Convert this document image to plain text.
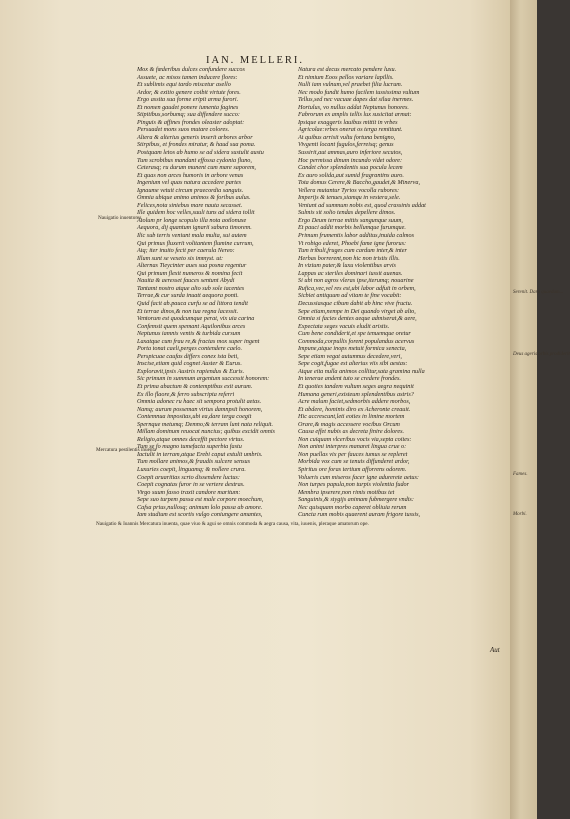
IAN. MELLERI.
Mox & fœderibus dulces confundere succos
Assuete, ac misos tamen inducere flores:
Et sublimis equi tardo miscetur asello
Ardor, & exitio genere coibit virtute fores.
Ergo assita sua forme eripit arma furori.
Et nomen gaudet ponere iumenta fagines
Stipitibus,sorbumq; sua diffendere succo:
Pinguis & affines frondes oleaster adoptat:
Persuadet mons suos mutare colores.
Altera & alterius generis inserit arbores arbor
Stirpibus, et frondes miratur, & haud sua poma.
Postquam letos ab humo se ad sidera sustulit austu
Tum scrobibus mandant effossa cydonia fluno,
Ceterasq; ru durum munent cum mare saporem,
Et quas non arces humoris in arbore venas
Ingenium vel quas natura accedere partes
Ignaume vetuit circum praecordia sanguis.
Omnia ubique animo animos & foribus aulus.
Felices,nota siniebus mare nauta secasset.
Ille quidem hoc velles,suuli tuns ad sidera tollit
Atolum pr longe scopulo illa nota aotlonuxe
Aequora, dij quantum ignarii sabura timorem.
Ilic sub terris veniunt mala multa, sui autem
Qui primus fluxerit volitantem flumine currum,
Atq; iter inuito fecit per caerula Nereo:
Illum sunt se vexeto sis immyst. ut:
Alternas Tieycinter aues sua posna regentur
Qui primum flexit numeros & nomina fecit
Nauita & aeresset fauces sentunt Abydi
Tantamt nostro atque alto sub sole iacentes
Terrae,& cur surda inuatt aequora ponti.
Quid facit ab.pauca curfu se ad littora tendit
Et terrae dinos,& non tua regna lacessit.
Ventorum est quodcumque perat, vix uia carina
Confemsit quem spemant Aquilonibus arces
Neptunus iamnis ventis & turbida cursum
Laxatque cum frau re,& fractas mox super ingent
Porta tonat caeli,perges contendere caelo.
Perspicuae caufas differs conex ista beti,
Inscise,etiam quid cognet Auster & Eurus.
Exploravit,ipsis Austris rapiendus & Euris.
Sic primum in summum argentum successit honorem:
Et prima abactum & contemptibus exit aurum.
Ex illo flaore,& ferro subscripta referri
Ommia adonec ru haec sit sempora protulit aetas.
Namq; aurum posseman virtus damnpsit honorem,
Contemnua impositas,ubi ea,dare terga coegit
Spernque metumq; Demno;& terram lunt nata reliquit.
Millam dominum reuocat nuncius; quibus excidit omnis
Religio,atque omnes deceffit pectore virtus.
Tum se fo magno tumefacta superbia fastu
Iactulit in terram,atque Erebi caput extulit umbris.
Tum mollare animos,& fraudis sulcere sensus
Luxuries coepit, linguamq; & nollere crura.
Coepit aruaritias scrto dissendere luctus:
Coepit cognatas furor in se vertere dextras.
Virgo suum fasso traxit candore maritum:
Sepe suo turpem passa est male corpore moechum,
Cafsa prius,nullosq; animum lolo passa ab amore.
Iam studium est scortis vulgo coniungere amantes,
Natura est decus mercato pendere luxu.
Et nimium Eoos pellos variare lapillis.
Nulli iam vulnum,vel praebet filia lucrum.
Nec modo fundit humo facilem iussissima vultum
Tellus,sed nec vacuae dapes dat silua inermes.
Hortulus, vo nullus addat Neptunus honores.
Fabrorum ex amplis tellis lux susicitat armat:
Ipsique exaggeris lauibus mittit in vrbes
Agricolae:vrbes onerat os terga remittunt.
At quibus arrisit vultu fortuna benigno,
Vivgenti locant fugulos,ferreisq; genus
Sussirit,aut ammas,auro inferiore secutos,
Hoc permissa dinum incundo videt odore:
Candet chor splendentis sua pocula lecem
Ex auro solida,aut sumid fragrantins auro.
Tota domus Cerere,& Baccho,gaudet,& Minerva,
Vellera mutantur Tyrios vocolla rubores:
Imperijs & tenues,siamqu in vestera,sele.
Veniunt ad summum nobis est, quod crassinis addat
Sulmis sit solio tendas depellere dimos.
Ergo Deum terrae mittis sangunque suum,
Et pauci addit morbis bellumque furumque.
Primum frumentis labor additus,inuida calmos
Vt robigo ederet, Phoebi fame igne furorus:
Tum tribuli,fruges cum cardum inter,& inter
Herbas borrerent,non hic non tristis illis.
In vizium pater,& luxu violentibus arvis
Lappas ac steriles dominari iussit auenas.
Si ubi non agros vleras ipse,iterumq; nouarine
Rufica,vec,vel res est,ubi labor adfuit in orbem,
Sicbiet antiquum ad vitam te fine vocabit:
Decussiasque cibum dabit ab hinc vive fructu.
Sepe etiam,nempe in Dei quando virget ab alto,
Omnia si facies dentes aeque admiserat,& aere,
Expectata seges vacuis eludit aristis.
Cum bene condiderit,et spe tenuemque oretur
Commoda,corpullis forent populandus acervus
Impune,atque inops metuit formica senecta,
Sepe etiam vegat autumnus decedere,veri,
Sepe cogit,fugae est alterius viis sibi aestas:
Atque eita nulla animos collitur,sata gramina nulla
In tenerae andent tuto se credere frondes.
Et quoties tandem vultum seges aegra nequinit
Humana generi,existeum splendentibus astris?
Acre malum faciet,sedmorbis addere morbos,
Et abdere, hominis diro ex Acheronte creauit.
Hic accrescunt,leti eoties in limine mortem
Orare,& magis accessere vocibus Orcum
Causa effet nubis as decreta finire dolores.
Non cuiquam vlceribus vocis via,septa coites:
Non animi interpres manaret lingua crue o:
Non puellas vix per fauces iumus se repleret
Morbida vox cum se tenuis diffunderet ardor,
Spiritus ore foras tertium afforrens odorem.
Volueris cum miseros facer igne adurerete aetus:
Non turpes papula,non turpis violentia fudor
Membra ipserere,non rimis motibus tet
Sanguinis,& stygijs animam fubmergere vndis:
Nec quisquam morbo caperet obliuia rerum
Cuncta rum mobis quaerent auram frigore tussis,
Nauigatio inuentores
Mercatura pestilentis inuenta
Nauigatio & Ioannis Mercatura inuenta, quae viuo & agui se omnis commoda & aegra causa, vita, iuuenis, pleraque amatorum ope.
Aut
Serenit. Dara quaedam...
Deus ageris orbis prodiderit
Fames.
Morbi.
